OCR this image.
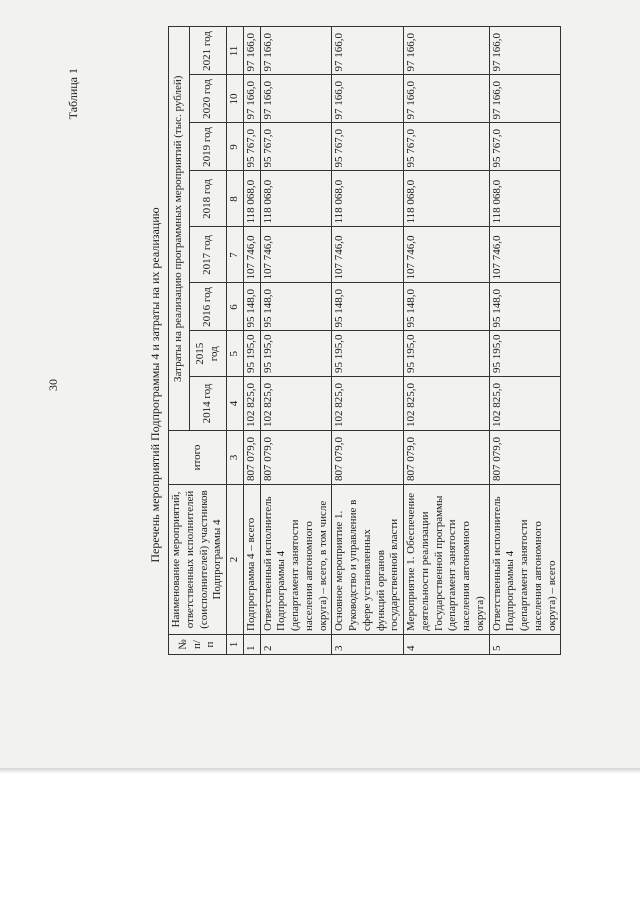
30
Таблица 1
Перечень мероприятий Подпрограммы 4 и затраты на их реализацию
№ п/п	Наименование мероприятий, ответственных исполнителей (соисполнителей) участников Подпрограммы 4	итого	Затраты на реализацию программных мероприятий (тыс. рублей)							
			2014 год	2015 год	2016 год	2017 год	2018 год	2019 год	2020 год	2021 год
1	2	3	4	5	6	7	8	9	10	11
1	Подпрограмма 4 – всего	807 079,0	102 825,0	95 195,0	95 148,0	107 746,0	118 068,0	95 767,0	97 166,0	97 166,0
2	Ответственный исполнитель Подпрограммы 4 (департамент занятости населения автономного округа) – всего, в том числе	807 079,0	102 825,0	95 195,0	95 148,0	107 746,0	118 068,0	95 767,0	97 166,0	97 166,0
3	Основное мероприятие 1. Руководство и управление в сфере установленных функций органов государственной власти	807 079,0	102 825,0	95 195,0	95 148,0	107 746,0	118 068,0	95 767,0	97 166,0	97 166,0
4	Мероприятие 1. Обеспечение деятельности реализации Государственной программы (департамент занятости населения автономного округа)	807 079,0	102 825,0	95 195,0	95 148,0	107 746,0	118 068,0	95 767,0	97 166,0	97 166,0
5	Ответственный исполнитель Подпрограммы 4 (департамент занятости населения автономного округа) – всего	807 079,0	102 825,0	95 195,0	95 148,0	107 746,0	118 068,0	95 767,0	97 166,0	97 166,0
